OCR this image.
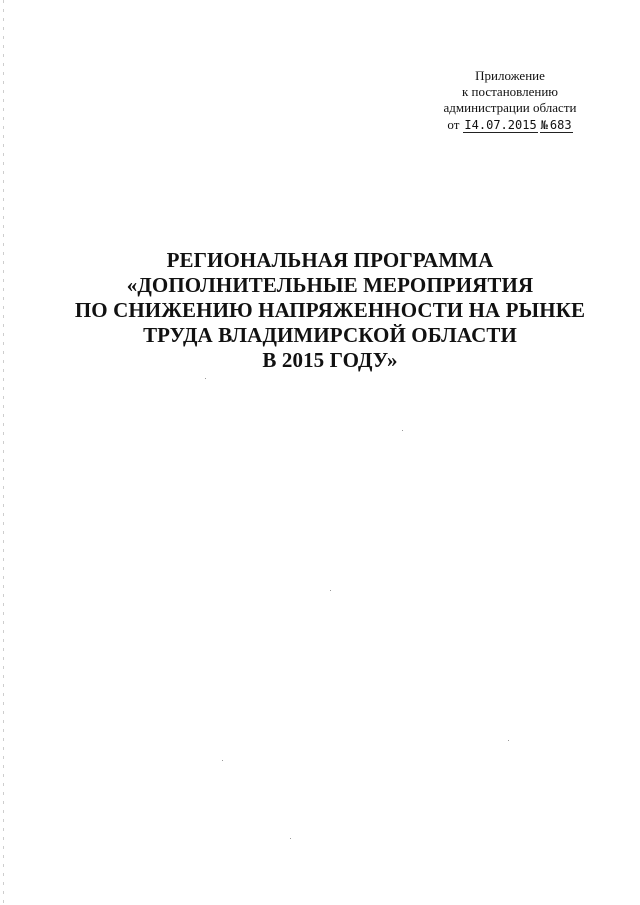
Приложение
к постановлению
администрации области
от I4.07.2015 № 683
РЕГИОНАЛЬНАЯ ПРОГРАММА
«ДОПОЛНИТЕЛЬНЫЕ МЕРОПРИЯТИЯ
ПО СНИЖЕНИЮ НАПРЯЖЕННОСТИ НА РЫНКЕ
ТРУДА ВЛАДИМИРСКОЙ ОБЛАСТИ
В 2015 ГОДУ»
